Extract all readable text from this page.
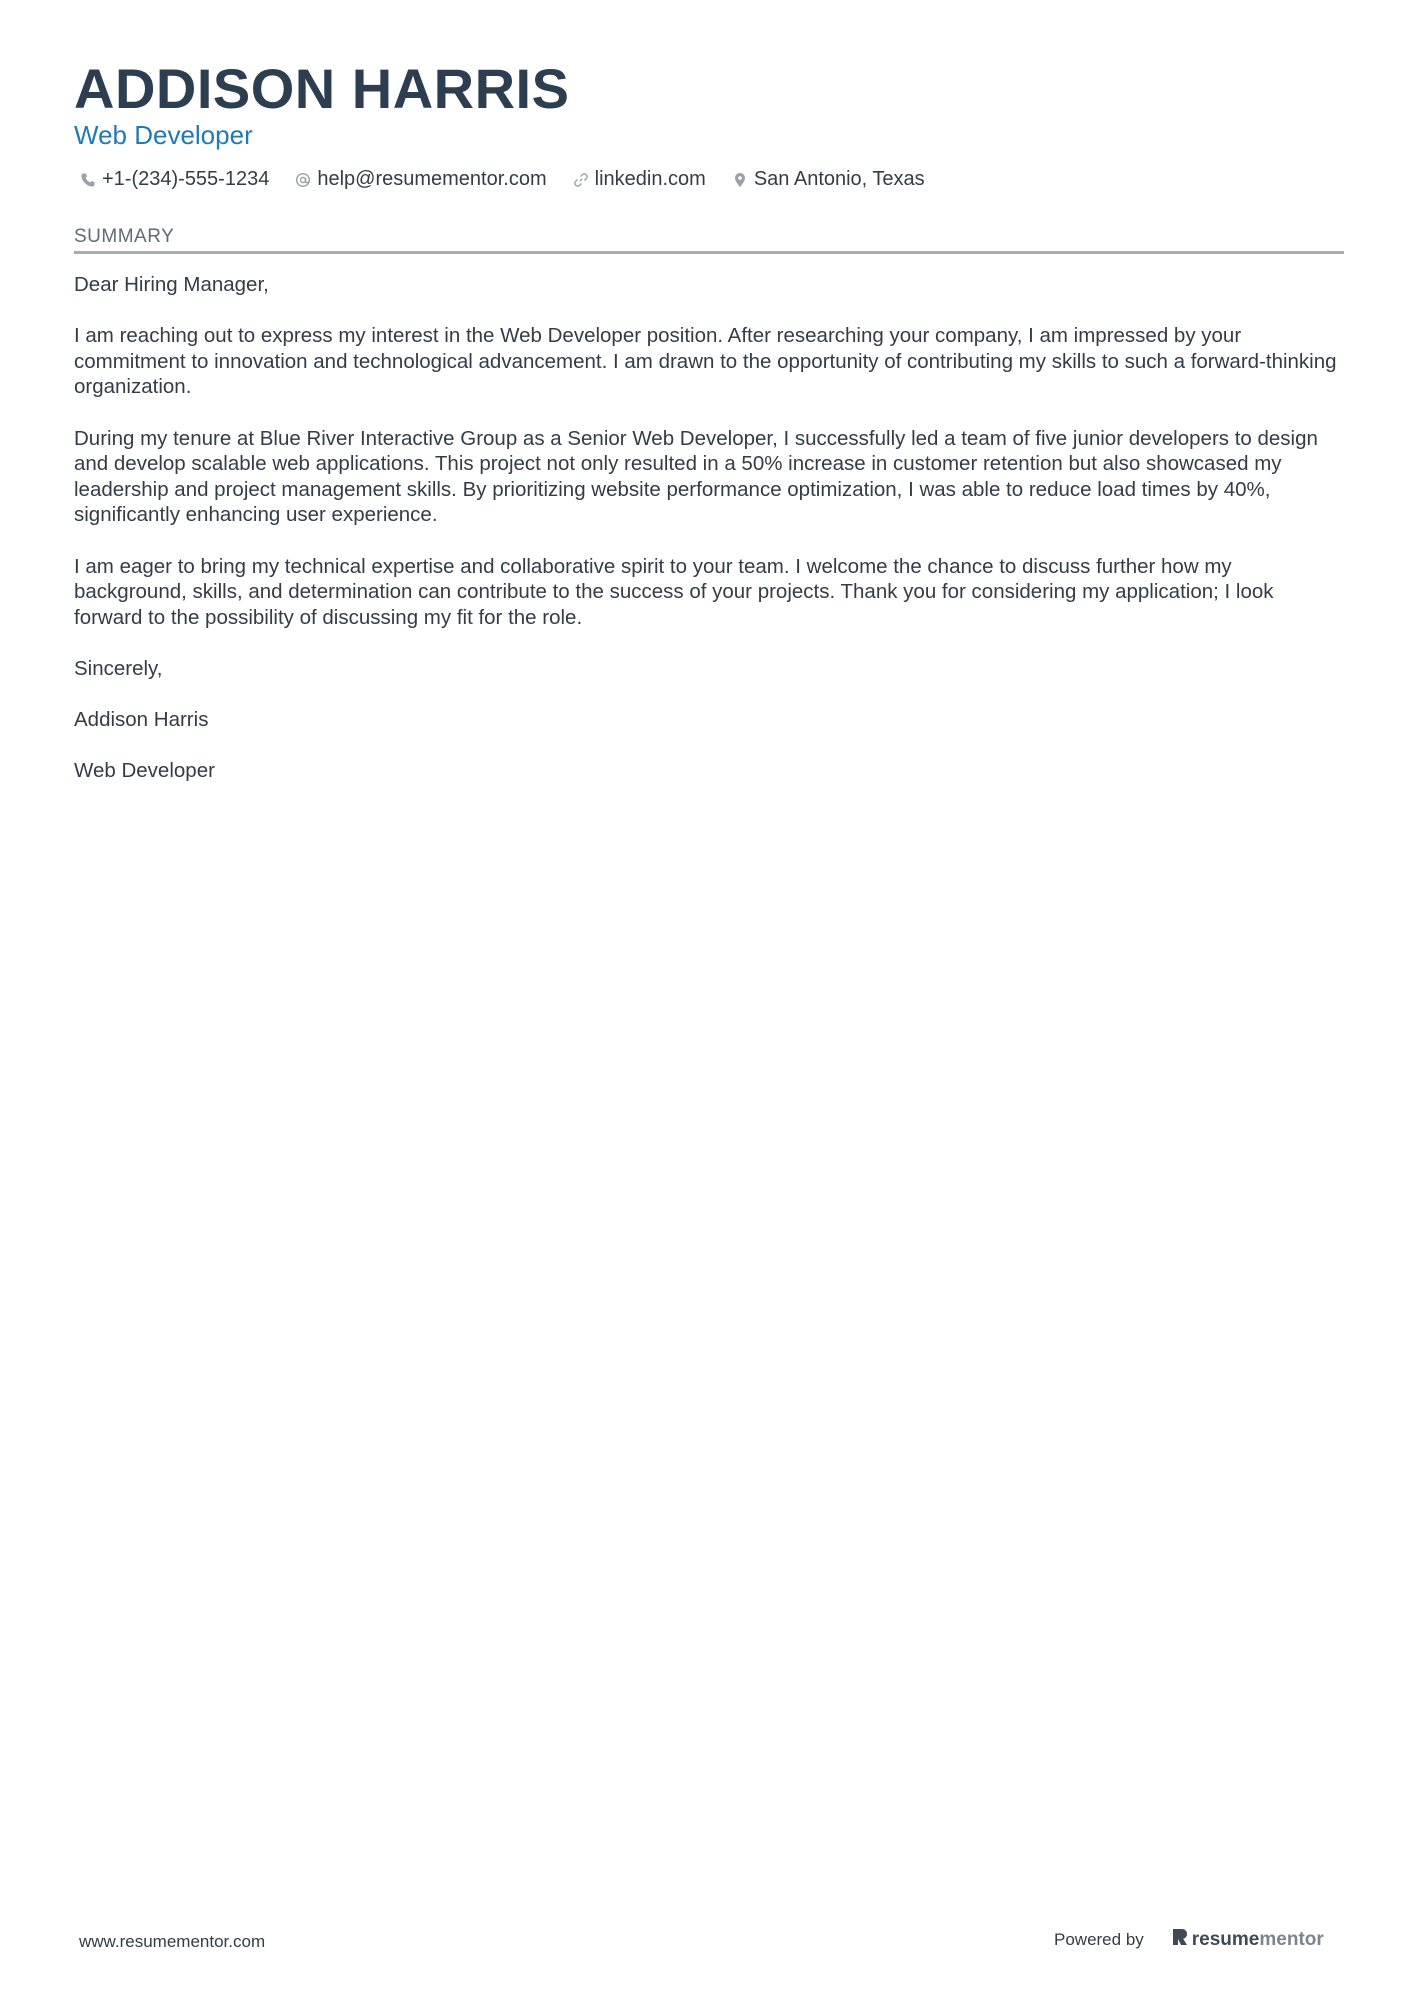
ADDISON HARRIS
Web Developer
+1-(234)-555-1234 help@resumementor.com linkedin.com San Antonio, Texas
SUMMARY

Dear Hiring Manager,

I am reaching out to express my interest in the Web Developer position. After researching your company, I am impressed by your commitment to innovation and technological advancement. I am drawn to the opportunity of contributing my skills to such a forward-thinking organization.

During my tenure at Blue River Interactive Group as a Senior Web Developer, I successfully led a team of five junior developers to design and develop scalable web applications. This project not only resulted in a 50% increase in customer retention but also showcased my leadership and project management skills. By prioritizing website performance optimization, I was able to reduce load times by 40%, significantly enhancing user experience.

I am eager to bring my technical expertise and collaborative spirit to your team. I welcome the chance to discuss further how my background, skills, and determination can contribute to the success of your projects. Thank you for considering my application; I look forward to the possibility of discussing my fit for the role.

Sincerely,

Addison Harris

Web Developer

www.resumementor.com	Powered by	resume mentor
